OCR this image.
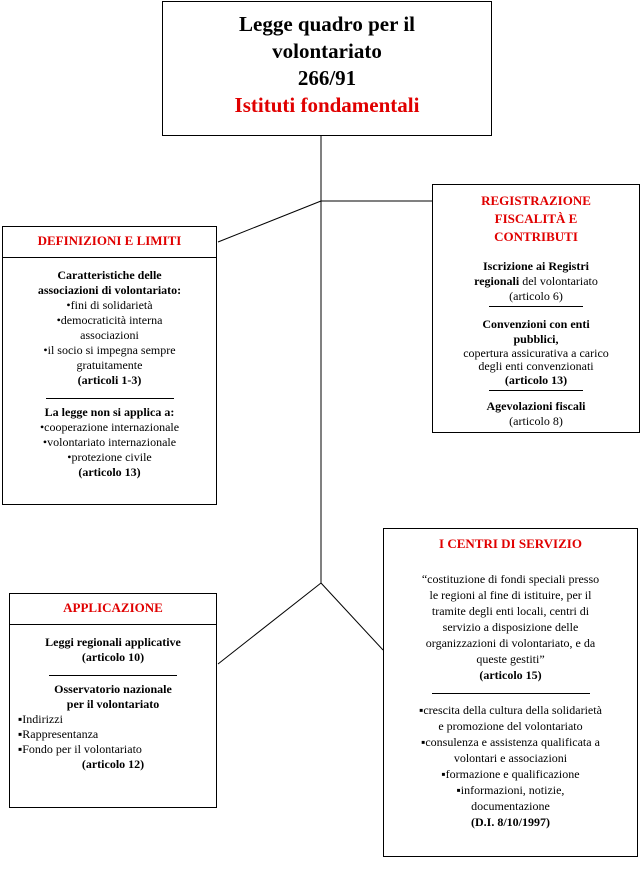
Legge quadro per il
volontariato
266/91
Istituti fondamentali
DEFINIZIONI E LIMITI
Caratteristiche delle
associazioni di volontariato:
•fini di solidarietà
•democraticità interna
associazioni
•il socio si impegna sempre
gratuitamente
(articoli 1-3)
La legge non si applica a:
•cooperazione internazionale
•volontariato internazionale
•protezione civile
(articolo 13)
REGISTRAZIONE
FISCALITÀ E
CONTRIBUTI
Iscrizione ai Registri
regionali del volontariato
(articolo 6)
Convenzioni con enti
pubblici,
copertura assicurativa a carico
degli enti convenzionati
(articolo 13)
Agevolazioni fiscali
(articolo 8)
APPLICAZIONE
Leggi regionali applicative
(articolo 10)
Osservatorio nazionale
per il volontariato
▪Indirizzi
▪Rappresentanza
▪Fondo per il volontariato
(articolo 12)
I CENTRI DI SERVIZIO
“costituzione di fondi speciali presso
le regioni al fine di istituire, per il
tramite degli enti locali, centri di
servizio a disposizione delle
organizzazioni di volontariato, e da
queste gestiti”
(articolo 15)
▪crescita della cultura della solidarietà
e promozione del volontariato
▪consulenza e assistenza qualificata a
volontari e associazioni
▪formazione e qualificazione
▪informazioni, notizie,
documentazione
(D.I. 8/10/1997)
